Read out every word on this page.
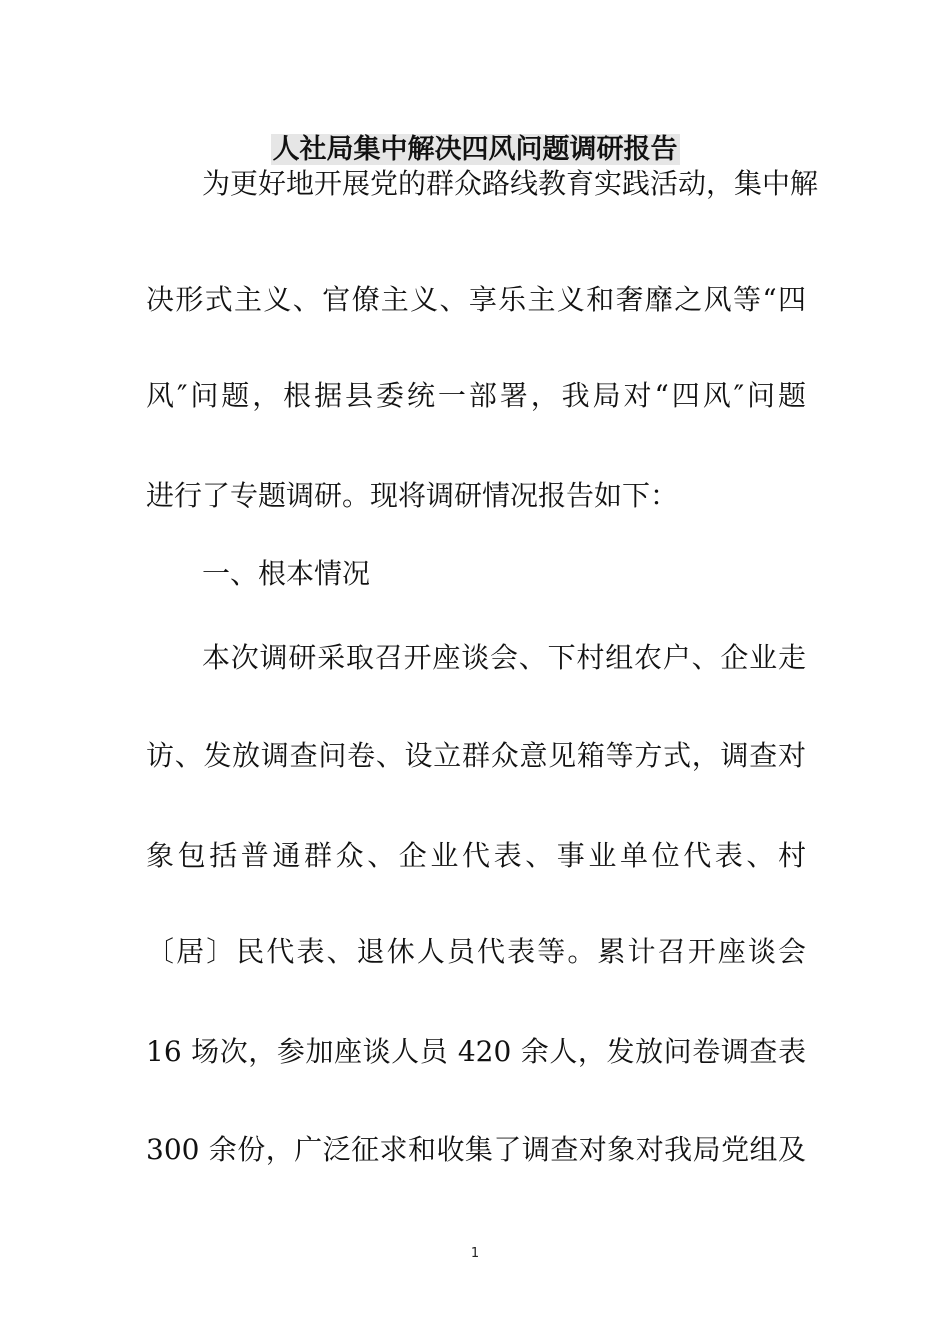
人社局集中解决四风问题调研报告

为更好地开展党的群众路线教育实践活动，集中解

决形式主义、官僚主义、享乐主义和奢靡之风等“四

风″问题，根据县委统一部署，我局对“四风″问题

进行了专题调研。现将调研情况报告如下：

一、根本情况

本次调研采取召开座谈会、下村组农户、企业走

访、发放调查问卷、设立群众意见箱等方式，调查对

象包括普通群众、企业代表、事业单位代表、村

〔居〕民代表、退休人员代表等。累计召开座谈会

16 场次，参加座谈人员 420 余人，发放问卷调查表

300 余份，广泛征求和收集了调查对象对我局党组及

1
